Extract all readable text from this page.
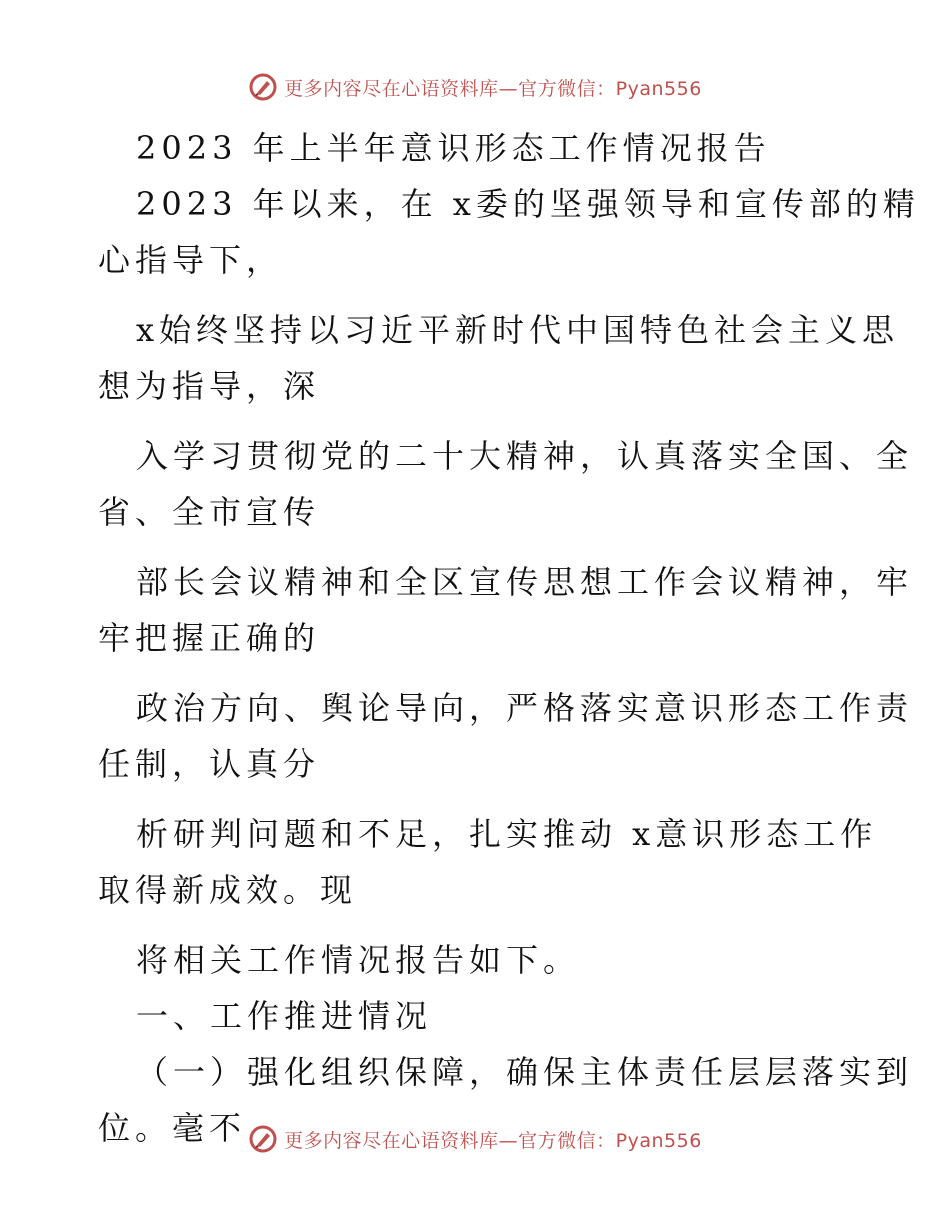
更多内容尽在心语资料库—官方微信：Pyan556
2023 年上半年意识形态工作情况报告
2023 年以来，在 x委的坚强领导和宣传部的精
心指导下，
x始终坚持以习近平新时代中国特色社会主义思
想为指导，深
入学习贯彻党的二十大精神，认真落实全国、全
省、全市宣传
部长会议精神和全区宣传思想工作会议精神，牢
牢把握正确的
政治方向、舆论导向，严格落实意识形态工作责
任制，认真分
析研判问题和不足，扎实推动 x意识形态工作
取得新成效。现
将相关工作情况报告如下。
一、工作推进情况
（一）强化组织保障，确保主体责任层层落实到
位。毫不	更多内容尽在心语资料库—官方微信：Pyan556
